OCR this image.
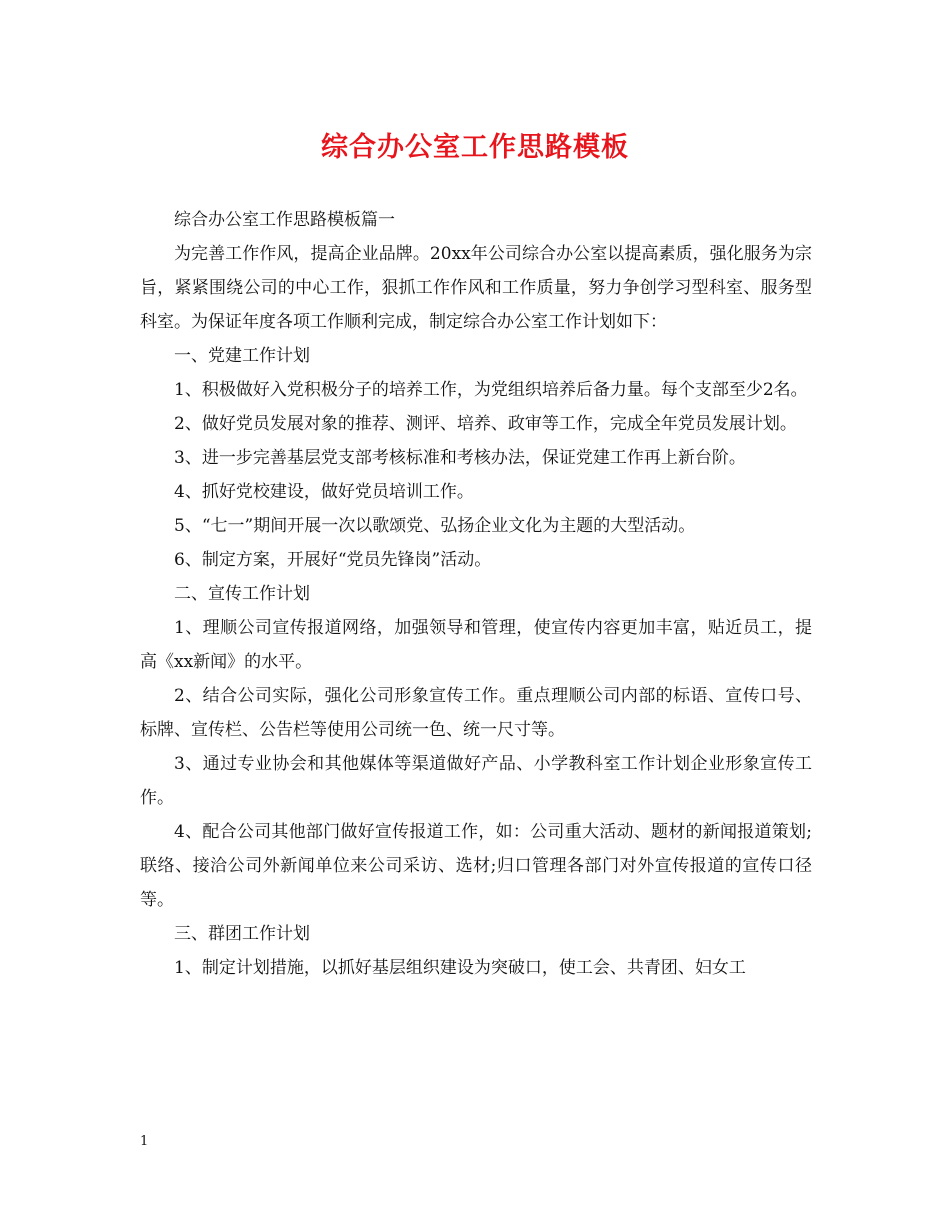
综合办公室工作思路模板

综合办公室工作思路模板篇一

为完善工作作风，提高企业品牌。20xx年公司综合办公室以提高素质，强化服务为宗旨，紧紧围绕公司的中心工作，狠抓工作作风和工作质量，努力争创学习型科室、服务型科室。为保证年度各项工作顺利完成，制定综合办公室工作计划如下：

一、党建工作计划

1、积极做好入党积极分子的培养工作，为党组织培养后备力量。每个支部至少2名。

2、做好党员发展对象的推荐、测评、培养、政审等工作，完成全年党员发展计划。

3、进一步完善基层党支部考核标准和考核办法，保证党建工作再上新台阶。

4、抓好党校建设，做好党员培训工作。

5、“七一”期间开展一次以歌颂党、弘扬企业文化为主题的大型活动。

6、制定方案，开展好“党员先锋岗”活动。

二、宣传工作计划

1、理顺公司宣传报道网络，加强领导和管理，使宣传内容更加丰富，贴近员工，提高《xx新闻》的水平。

2、结合公司实际，强化公司形象宣传工作。重点理顺公司内部的标语、宣传口号、标牌、宣传栏、公告栏等使用公司统一色、统一尺寸等。

3、通过专业协会和其他媒体等渠道做好产品、小学教科室工作计划企业形象宣传工作。

4、配合公司其他部门做好宣传报道工作，如：公司重大活动、题材的新闻报道策划;联络、接洽公司外新闻单位来公司采访、选材;归口管理各部门对外宣传报道的宣传口径等。

三、群团工作计划

1、制定计划措施，以抓好基层组织建设为突破口，使工会、共青团、妇女工

1
